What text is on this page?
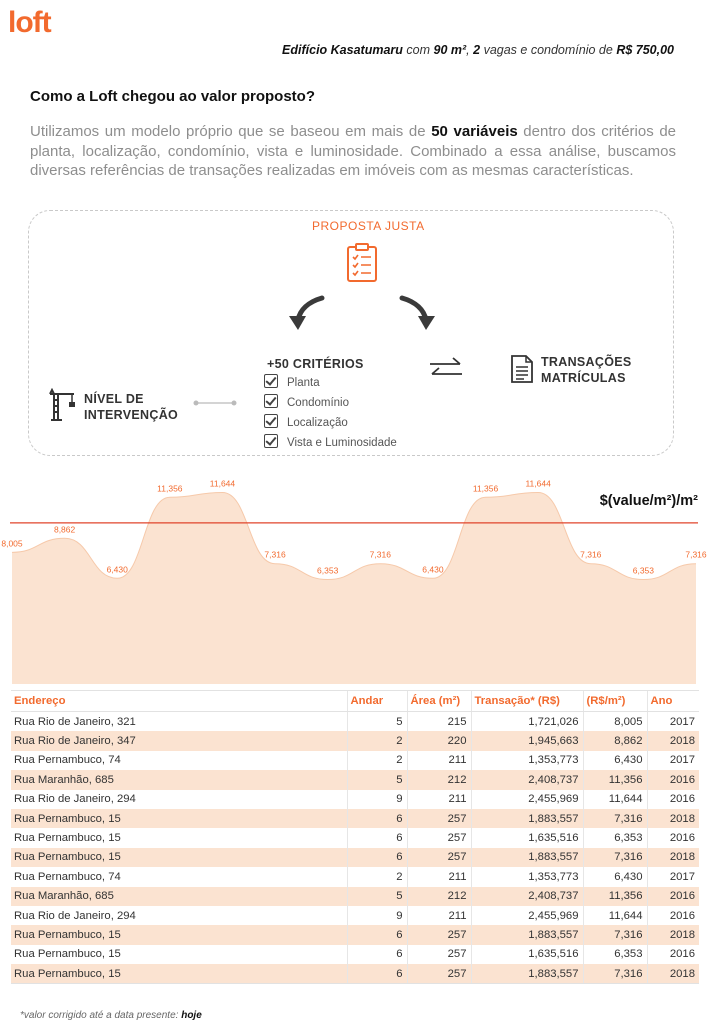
loft
Edifício Kasatumaru com 90 m², 2 vagas e condomínio de R$ 750,00
Como a Loft chegou ao valor proposto?
Utilizamos um modelo próprio que se baseou em mais de 50 variáveis dentro dos critérios de planta, localização, condomínio, vista e luminosidade. Combinado a essa análise, buscamos diversas referências de transações realizadas em imóveis com as mesmas características.
PROPOSTA JUSTA
+50 CRITÉRIOS
Planta
Condomínio
Localização
Vista e Luminosidade
NÍVEL DE
INTERVENÇÃO
TRANSAÇÕES
MATRÍCULAS
8,005
8,862
6,430
11,356	11,644
7,316
6,353
7,316
6,430
11,356	11,644
7,316
6,353
7,316
$(value/m²)/m²
Endereço	Andar	Área (m²)	Transação* (R$)	(R$/m²)	Ano
Rua Rio de Janeiro, 321	5	215	1,721,026	8,005	2017
Rua Rio de Janeiro, 347	2	220	1,945,663	8,862	2018
Rua Pernambuco, 74	2	211	1,353,773	6,430	2017
Rua Maranhão, 685	5	212	2,408,737	11,356	2016
Rua Rio de Janeiro, 294	9	211	2,455,969	11,644	2016
Rua Pernambuco, 15	6	257	1,883,557	7,316	2018
Rua Pernambuco, 15	6	257	1,635,516	6,353	2016
Rua Pernambuco, 15	6	257	1,883,557	7,316	2018
Rua Pernambuco, 74	2	211	1,353,773	6,430	2017
Rua Maranhão, 685	5	212	2,408,737	11,356	2016
Rua Rio de Janeiro, 294	9	211	2,455,969	11,644	2016
Rua Pernambuco, 15	6	257	1,883,557	7,316	2018
Rua Pernambuco, 15	6	257	1,635,516	6,353	2016
Rua Pernambuco, 15	6	257	1,883,557	7,316	2018
*valor corrigido até a data presente: hoje
